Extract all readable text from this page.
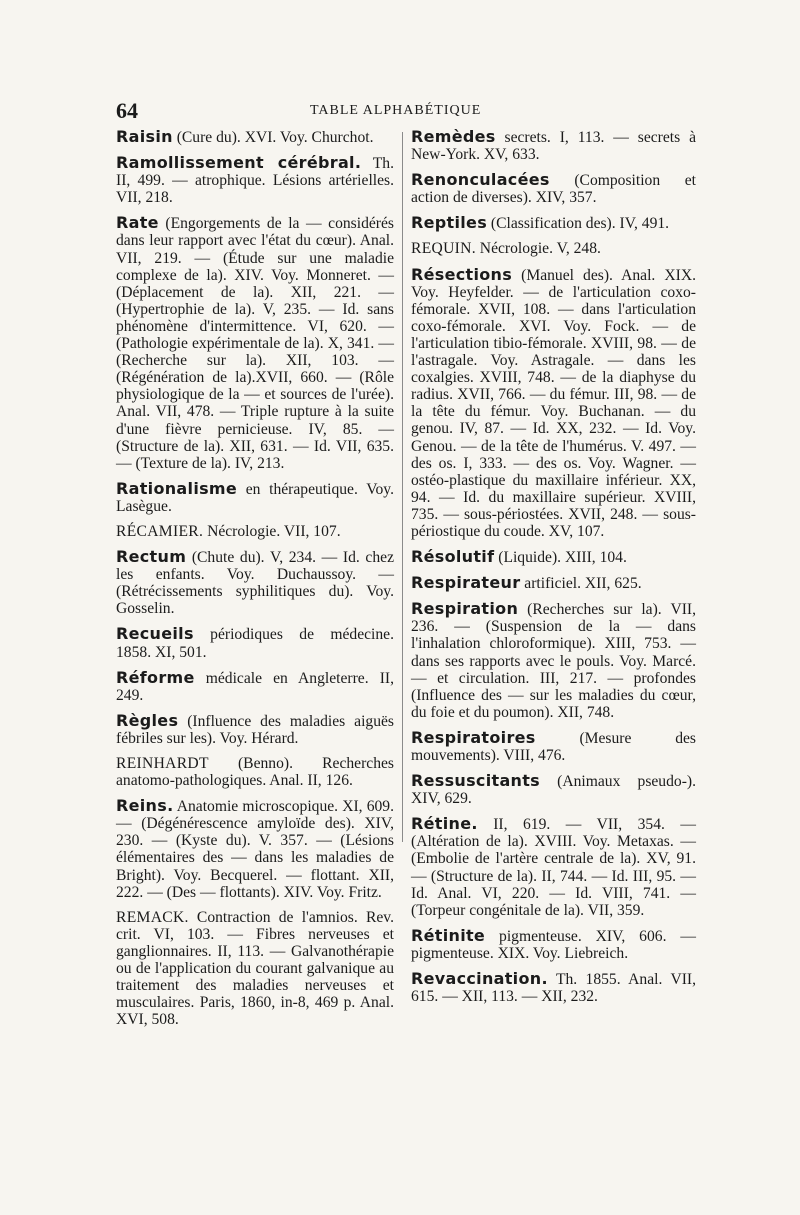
64	TABLE ALPHABÉTIQUE

Raisin (Cure du). XVI. Voy. Churchot.

Ramollissement cérébral. Th. II, 499. — atrophique. Lésions artérielles. VII, 218.

Rate (Engorgements de la — considérés dans leur rapport avec l'état du cœur). Anal. VII, 219. — (Étude sur une maladie complexe de la). XIV. Voy. Monneret. — (Déplacement de la). XII, 221. — (Hypertrophie de la). V, 235. — Id. sans phénomène d'intermittence. VI, 620. — (Pathologie expérimentale de la). X, 341. — (Recherche sur la). XII, 103. — (Régénération de la).XVII, 660. — (Rôle physiologique de la — et sources de l'urée). Anal. VII, 478. — Triple rupture à la suite d'une fièvre pernicieuse. IV, 85. — (Structure de la). XII, 631. — Id. VII, 635. — (Texture de la). IV, 213.

Rationalisme en thérapeutique. Voy. Lasègue.

RÉCAMIER. Nécrologie. VII, 107.

Rectum (Chute du). V, 234. — Id. chez les enfants. Voy. Duchaussoy. — (Rétrécissements syphilitiques du). Voy. Gosselin.

Recueils périodiques de médecine. 1858. XI, 501.

Réforme médicale en Angleterre. II, 249.

Règles (Influence des maladies aiguës fébriles sur les). Voy. Hérard.

REINHARDT (Benno). Recherches anatomo-pathologiques. Anal. II, 126.

Reins. Anatomie microscopique. XI, 609. — (Dégénérescence amyloïde des). XIV, 230. — (Kyste du). V. 357. — (Lésions élémentaires des — dans les maladies de Bright). Voy. Becquerel. — flottant. XII, 222. — (Des — flottants). XIV. Voy. Fritz.

REMACK. Contraction de l'amnios. Rev. crit. VI, 103. — Fibres nerveuses et ganglionnaires. II, 113. — Galvanothérapie ou de l'application du courant galvanique au traitement des maladies nerveuses et musculaires. Paris, 1860, in-8, 469 p. Anal. XVI, 508.

Remèdes secrets. I, 113. — secrets à New-York. XV, 633.

Renonculacées (Composition et action de diverses). XIV, 357.

Reptiles (Classification des). IV, 491.

REQUIN. Nécrologie. V, 248.

Résections (Manuel des). Anal. XIX. Voy. Heyfelder. — de l'articulation coxo-fémorale. XVII, 108. — dans l'articulation coxo-fémorale. XVI. Voy. Fock. — de l'articulation tibio-fémorale. XVIII, 98. — de l'astragale. Voy. Astragale. — dans les coxalgies. XVIII, 748. — de la diaphyse du radius. XVII, 766. — du fémur. III, 98. — de la tête du fémur. Voy. Buchanan. — du genou. IV, 87. — Id. XX, 232. — Id. Voy. Genou. — de la tête de l'humérus. V. 497. — des os. I, 333. — des os. Voy. Wagner. — ostéo-plastique du maxillaire inférieur. XX, 94. — Id. du maxillaire supérieur. XVIII, 735. — sous-périostées. XVII, 248. — sous-périostique du coude. XV, 107.

Résolutif (Liquide). XIII, 104.

Respirateur artificiel. XII, 625.

Respiration (Recherches sur la). VII, 236. — (Suspension de la — dans l'inhalation chloroformique). XIII, 753. — dans ses rapports avec le pouls. Voy. Marcé. — et circulation. III, 217. — profondes (Influence des — sur les maladies du cœur, du foie et du poumon). XII, 748.

Respiratoires (Mesure des mouvements). VIII, 476.

Ressuscitants (Animaux pseudo-). XIV, 629.

Rétine. II, 619. — VII, 354. — (Altération de la). XVIII. Voy. Metaxas. — (Embolie de l'artère centrale de la). XV, 91. — (Structure de la). II, 744. — Id. III, 95. — Id. Anal. VI, 220. — Id. VIII, 741. — (Torpeur congénitale de la). VII, 359.

Rétinite pigmenteuse. XIV, 606. — pigmenteuse. XIX. Voy. Liebreich.

Revaccination. Th. 1855. Anal. VII, 615. — XII, 113. — XII, 232.
